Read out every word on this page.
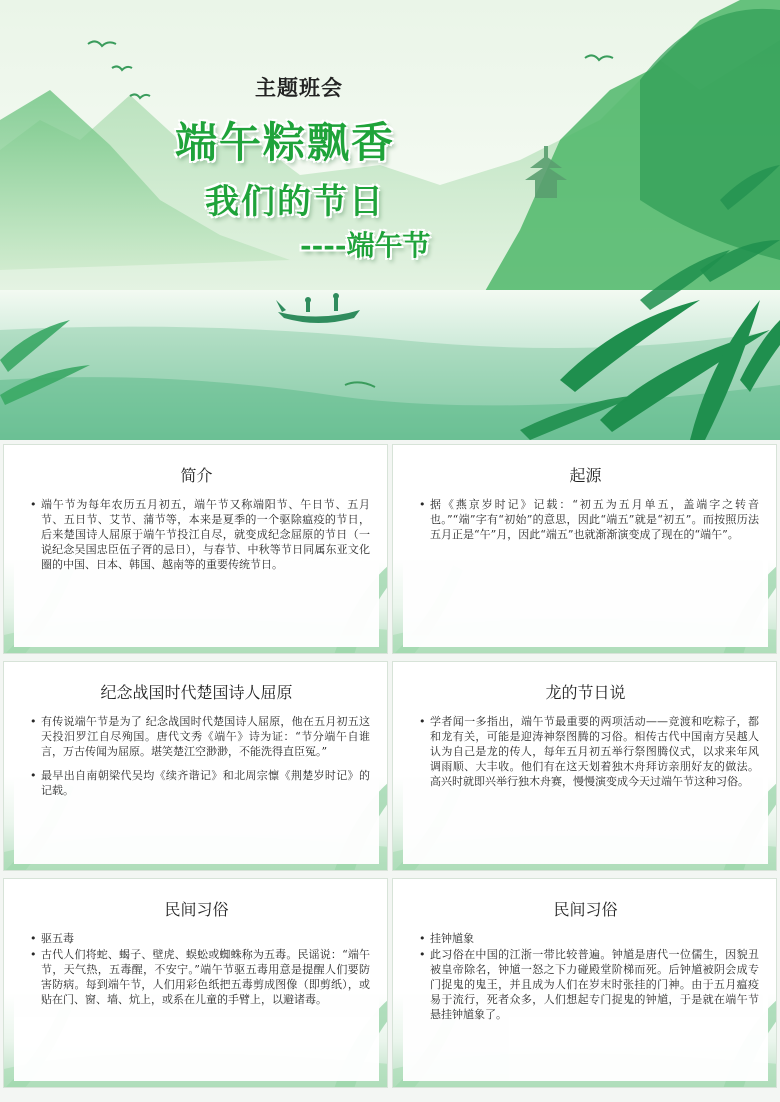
主题班会
端午粽飘香
我们的节日
----端午节
简介

• 端午节为每年农历五月初五，端午节又称端阳节、午日节、五月节、五日节、艾节、蒲节等，本来是夏季的一个驱除瘟疫的节日，后来楚国诗人屈原于端午节投江自尽，就变成纪念屈原的节日（一说纪念吴国忠臣伍子胥的忌日），与春节、中秋等节日同属东亚文化圈的中国、日本、韩国、越南等的重要传统节日。

起源

• 据《燕京岁时记》记载：“初五为五月单五，盖端字之转音也。”“端”字有“初始”的意思，因此“端五”就是“初五”。而按照历法五月正是“午”月，因此“端五”也就渐渐演变成了现在的“端午”。

纪念战国时代楚国诗人屈原

• 有传说端午节是为了 纪念战国时代楚国诗人屈原，他在五月初五这天投汨罗江自尽殉国。唐代文秀《端午》诗为证：“节分端午自谁言，万古传闻为屈原。堪笑楚江空渺渺，不能洗得直臣冤。”

• 最早出自南朝梁代吴均《续齐谐记》和北周宗懔《荆楚岁时记》的记载。

龙的节日说

• 学者闻一多指出，端午节最重要的两项活动——竞渡和吃粽子，都和龙有关，可能是迎涛神祭图腾的习俗。相传古代中国南方吴越人认为自己是龙的传人，每年五月初五举行祭图腾仪式，以求来年风调雨顺、大丰收。他们有在这天划着独木舟拜访亲朋好友的做法。高兴时就即兴举行独木舟赛，慢慢演变成今天过端午节这种习俗。

民间习俗

• 驱五毒

• 古代人们将蛇、蝎子、壁虎、蜈蚣或蜘蛛称为五毒。民谣说：“端午节，天气热，五毒醒，不安宁。”端午节驱五毒用意是提醒人们要防害防病。每到端午节，人们用彩色纸把五毒剪成图像（即剪纸），或贴在门、窗、墙、炕上，或系在儿童的手臂上，以避诸毒。

民间习俗

• 挂钟馗象

• 此习俗在中国的江浙一带比较普遍。钟馗是唐代一位儒生，因貌丑被皇帝除名，钟馗一怒之下力碰殿堂阶梯而死。后钟馗被阴会成专门捉鬼的鬼王，并且成为人们在岁末时张挂的门神。由于五月瘟疫易于流行，死者众多，人们想起专门捉鬼的钟馗，于是就在端午节悬挂钟馗象了。
